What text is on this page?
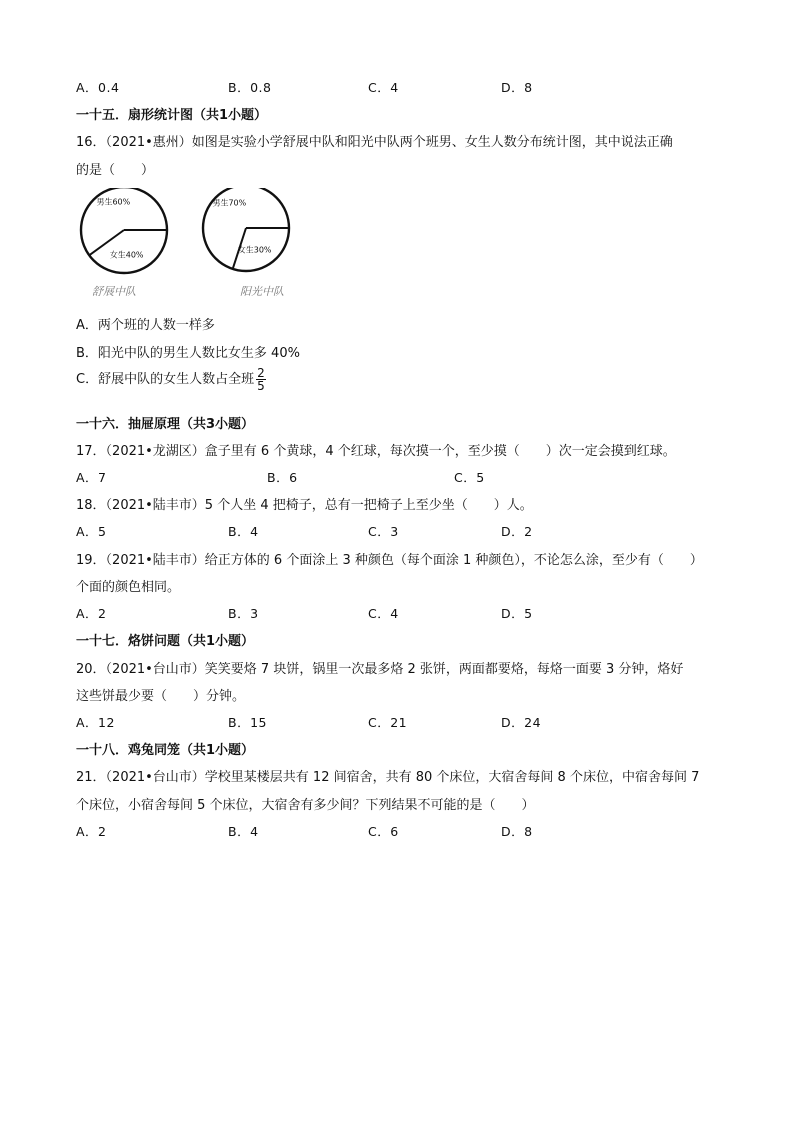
A．0.4	B．0.8	C．4	D．8
一十五．扇形统计图（共1小题）
16．（2021•惠州）如图是实验小学舒展中队和阳光中队两个班男、女生人数分布统计图，其中说法正确
的是（　　）
男生60%
女生40%
男生70%
女生30%
舒展中队	阳光中队
A．两个班的人数一样多
B．阳光中队的男生人数比女生多 40%
C．舒展中队的女生人数占全班 $\frac{2}{5}$
一十六．抽屉原理（共3小题）
17．（2021•龙湖区）盒子里有 6 个黄球，4 个红球，每次摸一个，至少摸（　　）次一定会摸到红球。
A．7	B．6	C．5
18．（2021•陆丰市）5 个人坐 4 把椅子，总有一把椅子上至少坐（　　）人。
A．5	B．4	C．3	D．2
19．（2021•陆丰市）给正方体的 6 个面涂上 3 种颜色（每个面涂 1 种颜色），不论怎么涂，至少有（　　）
个面的颜色相同。
A．2	B．3	C．4	D．5
一十七．烙饼问题（共1小题）
20．（2021•台山市）笑笑要烙 7 块饼，锅里一次最多烙 2 张饼，两面都要烙，每烙一面要 3 分钟，烙好
这些饼最少要（　　）分钟。
A．12	B．15	C．21	D．24
一十八．鸡兔同笼（共1小题）
21．（2021•台山市）学校里某楼层共有 12 间宿舍，共有 80 个床位，大宿舍每间 8 个床位，中宿舍每间 7
个床位，小宿舍每间 5 个床位，大宿舍有多少间？下列结果不可能的是（　　）
A．2	B．4	C．6	D．8
